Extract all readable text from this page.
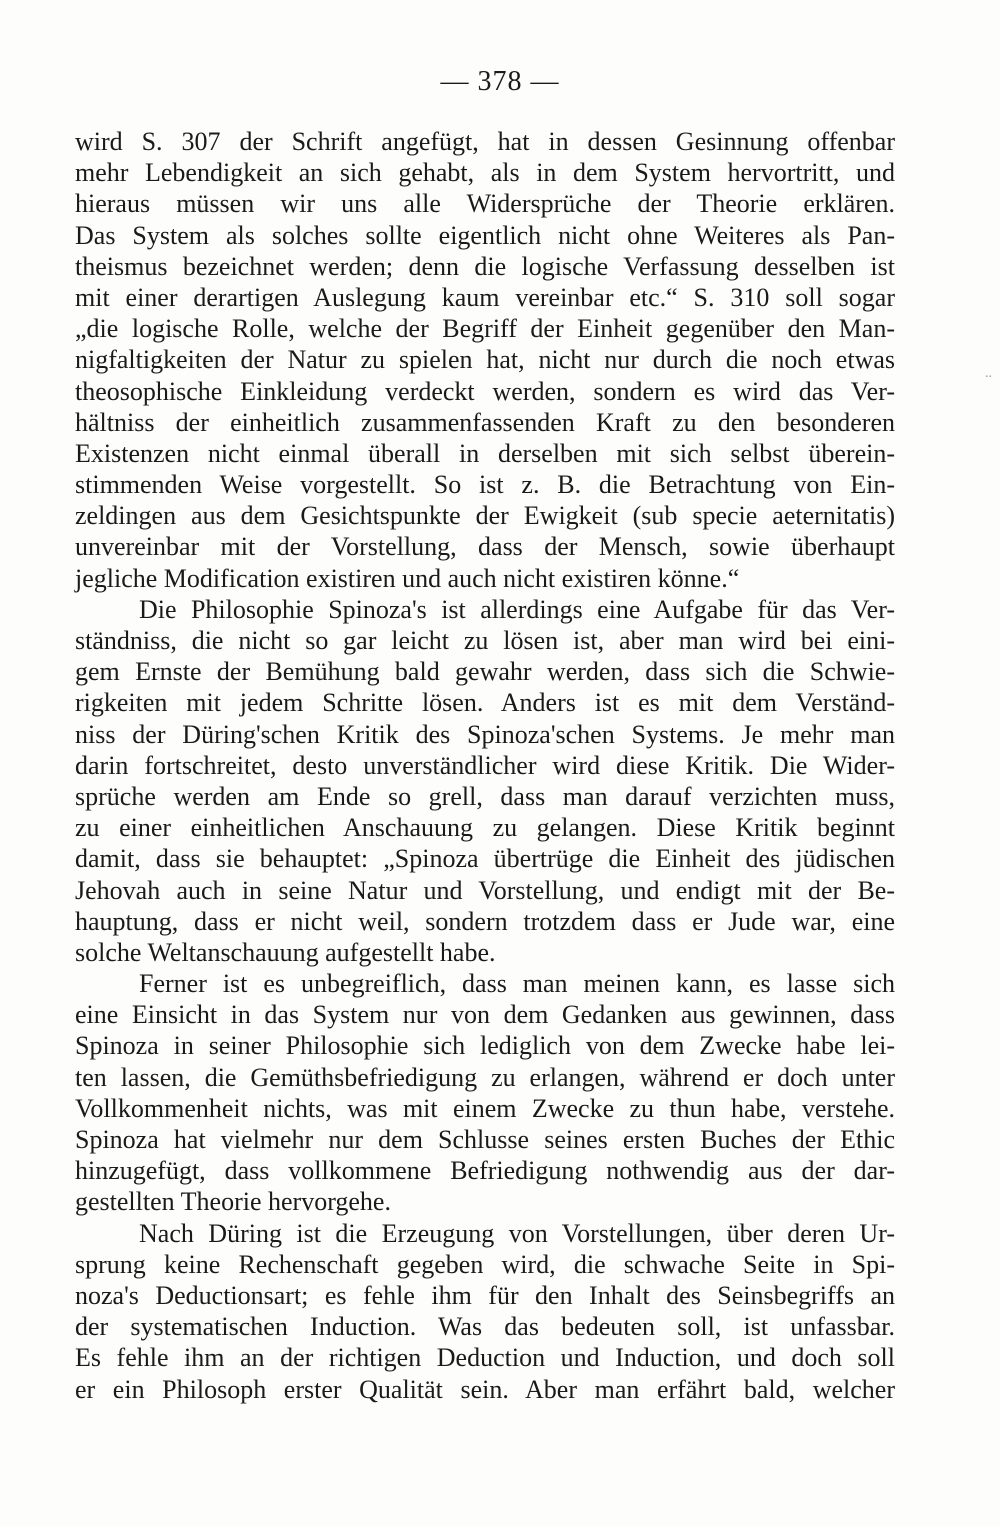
— 378 —
..
wird S. 307 der Schrift angefügt, hat in dessen Gesinnung offenbar
mehr Lebendigkeit an sich gehabt, als in dem System hervortritt, und
hieraus müssen wir uns alle Widersprüche der Theorie erklären.
Das System als solches sollte eigentlich nicht ohne Weiteres als Pan-
theismus bezeichnet werden; denn die logische Verfassung desselben ist
mit einer derartigen Auslegung kaum vereinbar etc.“ S. 310 soll sogar
„die logische Rolle, welche der Begriff der Einheit gegenüber den Man-
nigfaltigkeiten der Natur zu spielen hat, nicht nur durch die noch etwas
theosophische Einkleidung verdeckt werden, sondern es wird das Ver-
hältniss der einheitlich zusammenfassenden Kraft zu den besonderen
Existenzen nicht einmal überall in derselben mit sich selbst überein-
stimmenden Weise vorgestellt. So ist z. B. die Betrachtung von Ein-
zeldingen aus dem Gesichtspunkte der Ewigkeit (sub specie aeternitatis)
unvereinbar mit der Vorstellung, dass der Mensch, sowie überhaupt
jegliche Modification existiren und auch nicht existiren könne.“
Die Philosophie Spinoza's ist allerdings eine Aufgabe für das Ver-
ständniss, die nicht so gar leicht zu lösen ist, aber man wird bei eini-
gem Ernste der Bemühung bald gewahr werden, dass sich die Schwie-
rigkeiten mit jedem Schritte lösen. Anders ist es mit dem Verständ-
niss der Düring'schen Kritik des Spinoza'schen Systems. Je mehr man
darin fortschreitet, desto unverständlicher wird diese Kritik. Die Wider-
sprüche werden am Ende so grell, dass man darauf verzichten muss,
zu einer einheitlichen Anschauung zu gelangen. Diese Kritik beginnt
damit, dass sie behauptet: „Spinoza übertrüge die Einheit des jüdischen
Jehovah auch in seine Natur und Vorstellung, und endigt mit der Be-
hauptung, dass er nicht weil, sondern trotzdem dass er Jude war, eine
solche Weltanschauung aufgestellt habe.
Ferner ist es unbegreiflich, dass man meinen kann, es lasse sich
eine Einsicht in das System nur von dem Gedanken aus gewinnen, dass
Spinoza in seiner Philosophie sich lediglich von dem Zwecke habe lei-
ten lassen, die Gemüthsbefriedigung zu erlangen, während er doch unter
Vollkommenheit nichts, was mit einem Zwecke zu thun habe, verstehe.
Spinoza hat vielmehr nur dem Schlusse seines ersten Buches der Ethic
hinzugefügt, dass vollkommene Befriedigung nothwendig aus der dar-
gestellten Theorie hervorgehe.
Nach Düring ist die Erzeugung von Vorstellungen, über deren Ur-
sprung keine Rechenschaft gegeben wird, die schwache Seite in Spi-
noza's Deductionsart; es fehle ihm für den Inhalt des Seinsbegriffs an
der systematischen Induction. Was das bedeuten soll, ist unfassbar.
Es fehle ihm an der richtigen Deduction und Induction, und doch soll
er ein Philosoph erster Qualität sein. Aber man erfährt bald, welcher
